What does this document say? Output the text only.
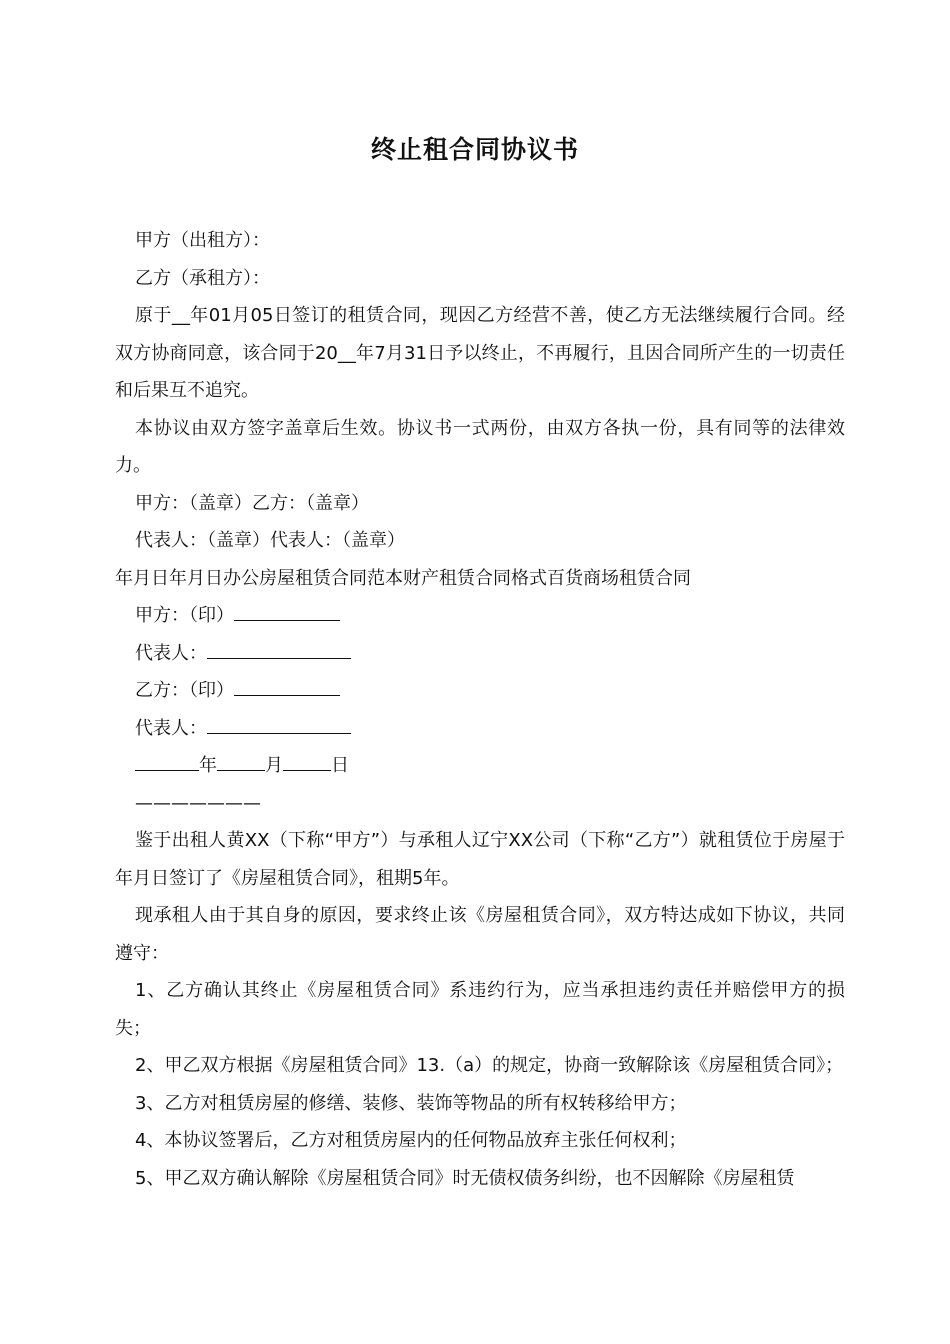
终止租合同协议书

甲方（出租方）：

乙方（承租方）：

原于__年01月05日签订的租赁合同，现因乙方经营不善，使乙方无法继续履行合同。经双方协商同意，该合同于20__年7月31日予以终止，不再履行，且因合同所产生的一切责任和后果互不追究。

本协议由双方签字盖章后生效。协议书一式两份，由双方各执一份，具有同等的法律效力。

甲方：（盖章）乙方：（盖章）

代表人：（盖章）代表人：（盖章）

年月日年月日办公房屋租赁合同范本财产租赁合同格式百货商场租赁合同

甲方：（印）

代表人：

乙方：（印）

代表人：

年	月	日

———————

鉴于出租人黄XX（下称“甲方”）与承租人辽宁XX公司（下称“乙方”）就租赁位于房屋于年月日签订了《房屋租赁合同》，租期5年。

现承租人由于其自身的原因，要求终止该《房屋租赁合同》，双方特达成如下协议，共同遵守：

1、乙方确认其终止《房屋租赁合同》系违约行为，应当承担违约责任并赔偿甲方的损失；

2、甲乙双方根据《房屋租赁合同》13.（a）的规定，协商一致解除该《房屋租赁合同》；

3、乙方对租赁房屋的修缮、装修、装饰等物品的所有权转移给甲方；

4、本协议签署后，乙方对租赁房屋内的任何物品放弃主张任何权利；

5、甲乙双方确认解除《房屋租赁合同》时无债权债务纠纷，也不因解除《房屋租赁
